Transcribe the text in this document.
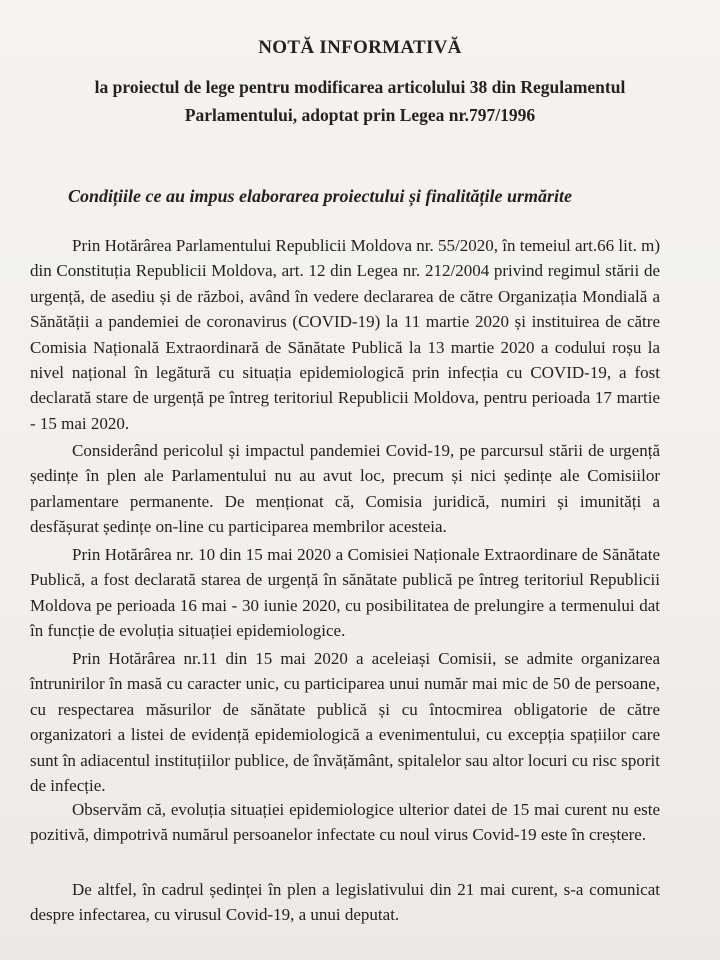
NOTĂ INFORMATIVĂ
la proiectul de lege pentru modificarea articolului 38 din Regulamentul
Parlamentului, adoptat prin Legea nr.797/1996
Condițiile ce au impus elaborarea proiectului și finalitățile urmărite

Prin Hotărârea Parlamentului Republicii Moldova nr. 55/2020, în temeiul art.66 lit. m) din Constituția Republicii Moldova, art. 12 din Legea nr. 212/2004 privind regimul stării de urgență, de asediu și de război, având în vedere declararea de către Organizația Mondială a Sănătății a pandemiei de coronavirus (COVID-19) la 11 martie 2020 și instituirea de către Comisia Națională Extraordinară de Sănătate Publică la 13 martie 2020 a codului roșu la nivel național în legătură cu situația epidemiologică prin infecția cu COVID-19, a fost declarată stare de urgență pe întreg teritoriul Republicii Moldova, pentru perioada 17 martie - 15 mai 2020.

Considerând pericolul și impactul pandemiei Covid-19, pe parcursul stării de urgență ședințe în plen ale Parlamentului nu au avut loc, precum și nici ședințe ale Comisiilor parlamentare permanente. De menționat că, Comisia juridică, numiri și imunități a desfășurat ședințe on-line cu participarea membrilor acesteia.

Prin Hotărârea nr. 10 din 15 mai 2020 a Comisiei Naționale Extraordinare de Sănătate Publică, a fost declarată starea de urgență în sănătate publică pe întreg teritoriul Republicii Moldova pe perioada 16 mai - 30 iunie 2020, cu posibilitatea de prelungire a termenului dat în funcție de evoluția situației epidemiologice.

Prin Hotărârea nr.11 din 15 mai 2020 a aceleiași Comisii, se admite organizarea întrunirilor în masă cu caracter unic, cu participarea unui număr mai mic de 50 de persoane, cu respectarea măsurilor de sănătate publică și cu întocmirea obligatorie de către organizatori a listei de evidență epidemiologică a evenimentului, cu excepția spațiilor care sunt în adiacentul instituțiilor publice, de învățământ, spitalelor sau altor locuri cu risc sporit de infecție.

Observăm că, evoluția situației epidemiologice ulterior datei de 15 mai curent nu este pozitivă, dimpotrivă numărul persoanelor infectate cu noul virus Covid-19 este în creștere.

De altfel, în cadrul ședinței în plen a legislativului din 21 mai curent, s-a comunicat despre infectarea, cu virusul Covid-19, a unui deputat.
